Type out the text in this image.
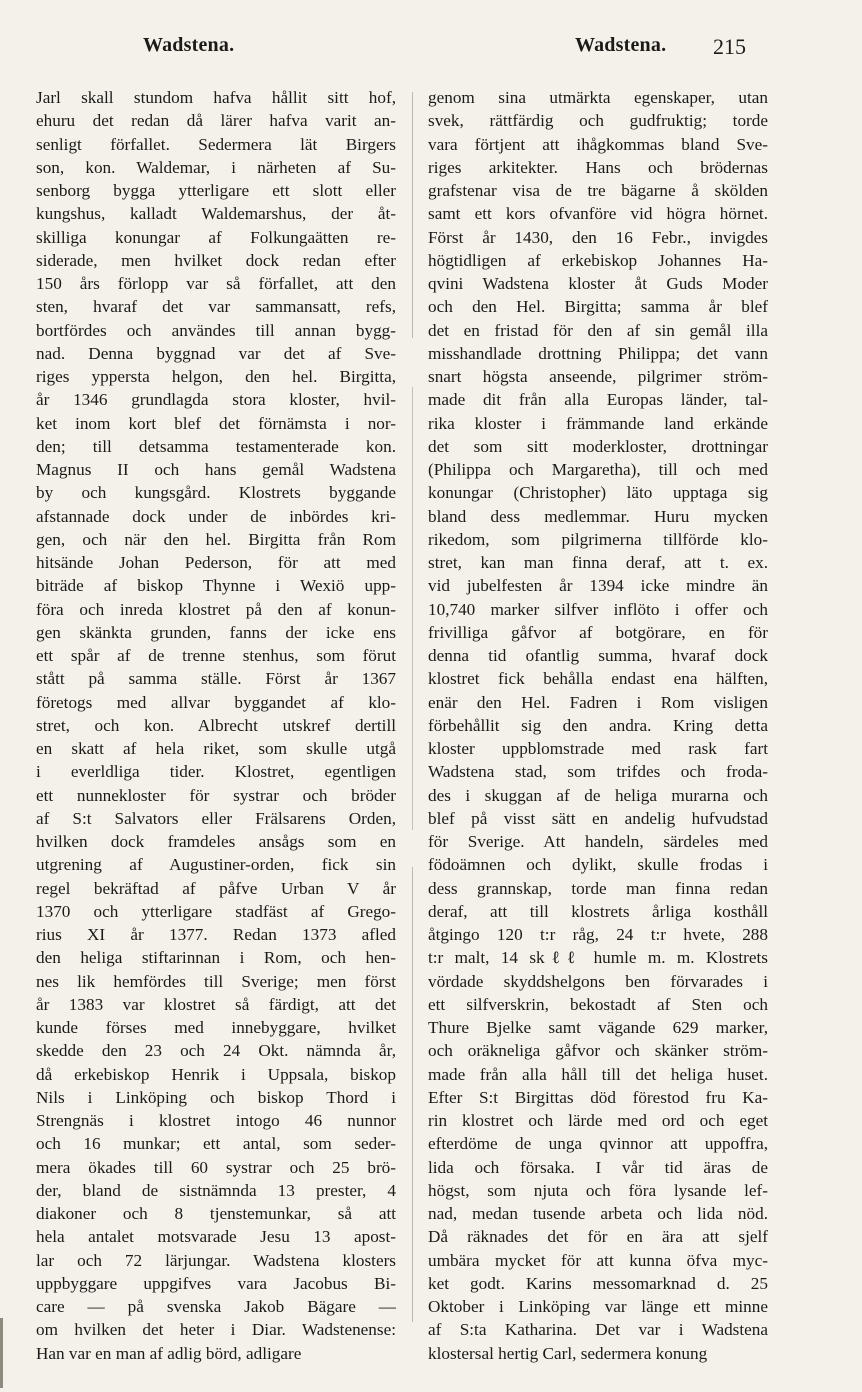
Wadstena.	Wadstena. 215
Jarl skall stundom hafva hållit sitt hof,
ehuru det redan då lärer hafva varit an-
senligt förfallet. Sedermera lät Birgers
son, kon. Waldemar, i närheten af Su-
senborg bygga ytterligare ett slott eller
kungshus, kalladt Waldemarshus, der åt-
skilliga konungar af Folkungaätten re-
siderade, men hvilket dock redan efter
150 års förlopp var så förfallet, att den
sten, hvaraf det var sammansatt, refs,
bortfördes och användes till annan bygg-
nad. Denna byggnad var det af Sve-
riges yppersta helgon, den hel. Birgitta,
år 1346 grundlagda stora kloster, hvil-
ket inom kort blef det förnämsta i nor-
den; till detsamma testamenterade kon.
Magnus II och hans gemål Wadstena
by och kungsgård. Klostrets byggande
afstannade dock under de inbördes kri-
gen, och när den hel. Birgitta från Rom
hitsände Johan Pederson, för att med
biträde af biskop Thynne i Wexiö upp-
föra och inreda klostret på den af konun-
gen skänkta grunden, fanns der icke ens
ett spår af de trenne stenhus, som förut
stått på samma ställe. Först år 1367
företogs med allvar byggandet af klo-
stret, och kon. Albrecht utskref dertill
en skatt af hela riket, som skulle utgå
i everldliga tider. Klostret, egentligen
ett nunnekloster för systrar och bröder
af S:t Salvators eller Frälsarens Orden,
hvilken dock framdeles ansågs som en
utgrening af Augustiner-orden, fick sin
regel bekräftad af påfve Urban V år
1370 och ytterligare stadfäst af Grego-
rius XI år 1377. Redan 1373 afled
den heliga stiftarinnan i Rom, och hen-
nes lik hemfördes till Sverige; men först
år 1383 var klostret så färdigt, att det
kunde förses med innebyggare, hvilket
skedde den 23 och 24 Okt. nämnda år,
då erkebiskop Henrik i Uppsala, biskop
Nils i Linköping och biskop Thord i
Strengnäs i klostret intogo 46 nunnor
och 16 munkar; ett antal, som seder-
mera ökades till 60 systrar och 25 brö-
der, bland de sistnämnda 13 prester, 4
diakoner och 8 tjenstemunkar, så att
hela antalet motsvarade Jesu 13 apost-
lar och 72 lärjungar. Wadstena klosters
uppbyggare uppgifves vara Jacobus Bi-
care — på svenska Jakob Bägare —
om hvilken det heter i Diar. Wadstenense:
Han var en man af adlig börd, adligare
genom sina utmärkta egenskaper, utan
svek, rättfärdig och gudfruktig; torde
vara förtjent att ihågkommas bland Sve-
riges arkitekter. Hans och brödernas
grafstenar visa de tre bägarne å skölden
samt ett kors ofvanföre vid högra hörnet.
Först år 1430, den 16 Febr., invigdes
högtidligen af erkebiskop Johannes Ha-
qvini Wadstena kloster åt Guds Moder
och den Hel. Birgitta; samma år blef
det en fristad för den af sin gemål illa
misshandlade drottning Philippa; det vann
snart högsta anseende, pilgrimer ström-
made dit från alla Europas länder, tal-
rika kloster i främmande land erkände
det som sitt moderkloster, drottningar
(Philippa och Margaretha), till och med
konungar (Christopher) läto upptaga sig
bland dess medlemmar. Huru mycken
rikedom, som pilgrimerna tillförde klo-
stret, kan man finna deraf, att t. ex.
vid jubelfesten år 1394 icke mindre än
10,740 marker silfver inflöto i offer och
frivilliga gåfvor af botgörare, en för
denna tid ofantlig summa, hvaraf dock
klostret fick behålla endast ena hälften,
enär den Hel. Fadren i Rom visligen
förbehållit sig den andra. Kring detta
kloster uppblomstrade med rask fart
Wadstena stad, som trifdes och froda-
des i skuggan af de heliga murarna och
blef på visst sätt en andelig hufvudstad
för Sverige. Att handeln, särdeles med
födoämnen och dylikt, skulle frodas i
dess grannskap, torde man finna redan
deraf, att till klostrets årliga kosthåll
åtgingo 120 t:r råg, 24 t:r hvete, 288
t:r malt, 14 skℓℓ humle m. m. Klostrets
vördade skyddshelgons ben förvarades i
ett silfverskrin, bekostadt af Sten och
Thure Bjelke samt vägande 629 marker,
och oräkneliga gåfvor och skänker ström-
made från alla håll till det heliga huset.
Efter S:t Birgittas död förestod fru Ka-
rin klostret och lärde med ord och eget
efterdöme de unga qvinnor att uppoffra,
lida och försaka. I vår tid äras de
högst, som njuta och föra lysande lef-
nad, medan tusende arbeta och lida nöd.
Då räknades det för en ära att sjelf
umbära mycket för att kunna öfva myc-
ket godt. Karins messomarknad d. 25
Oktober i Linköping var länge ett minne
af S:ta Katharina. Det var i Wadstena
klostersal hertig Carl, sedermera konung
